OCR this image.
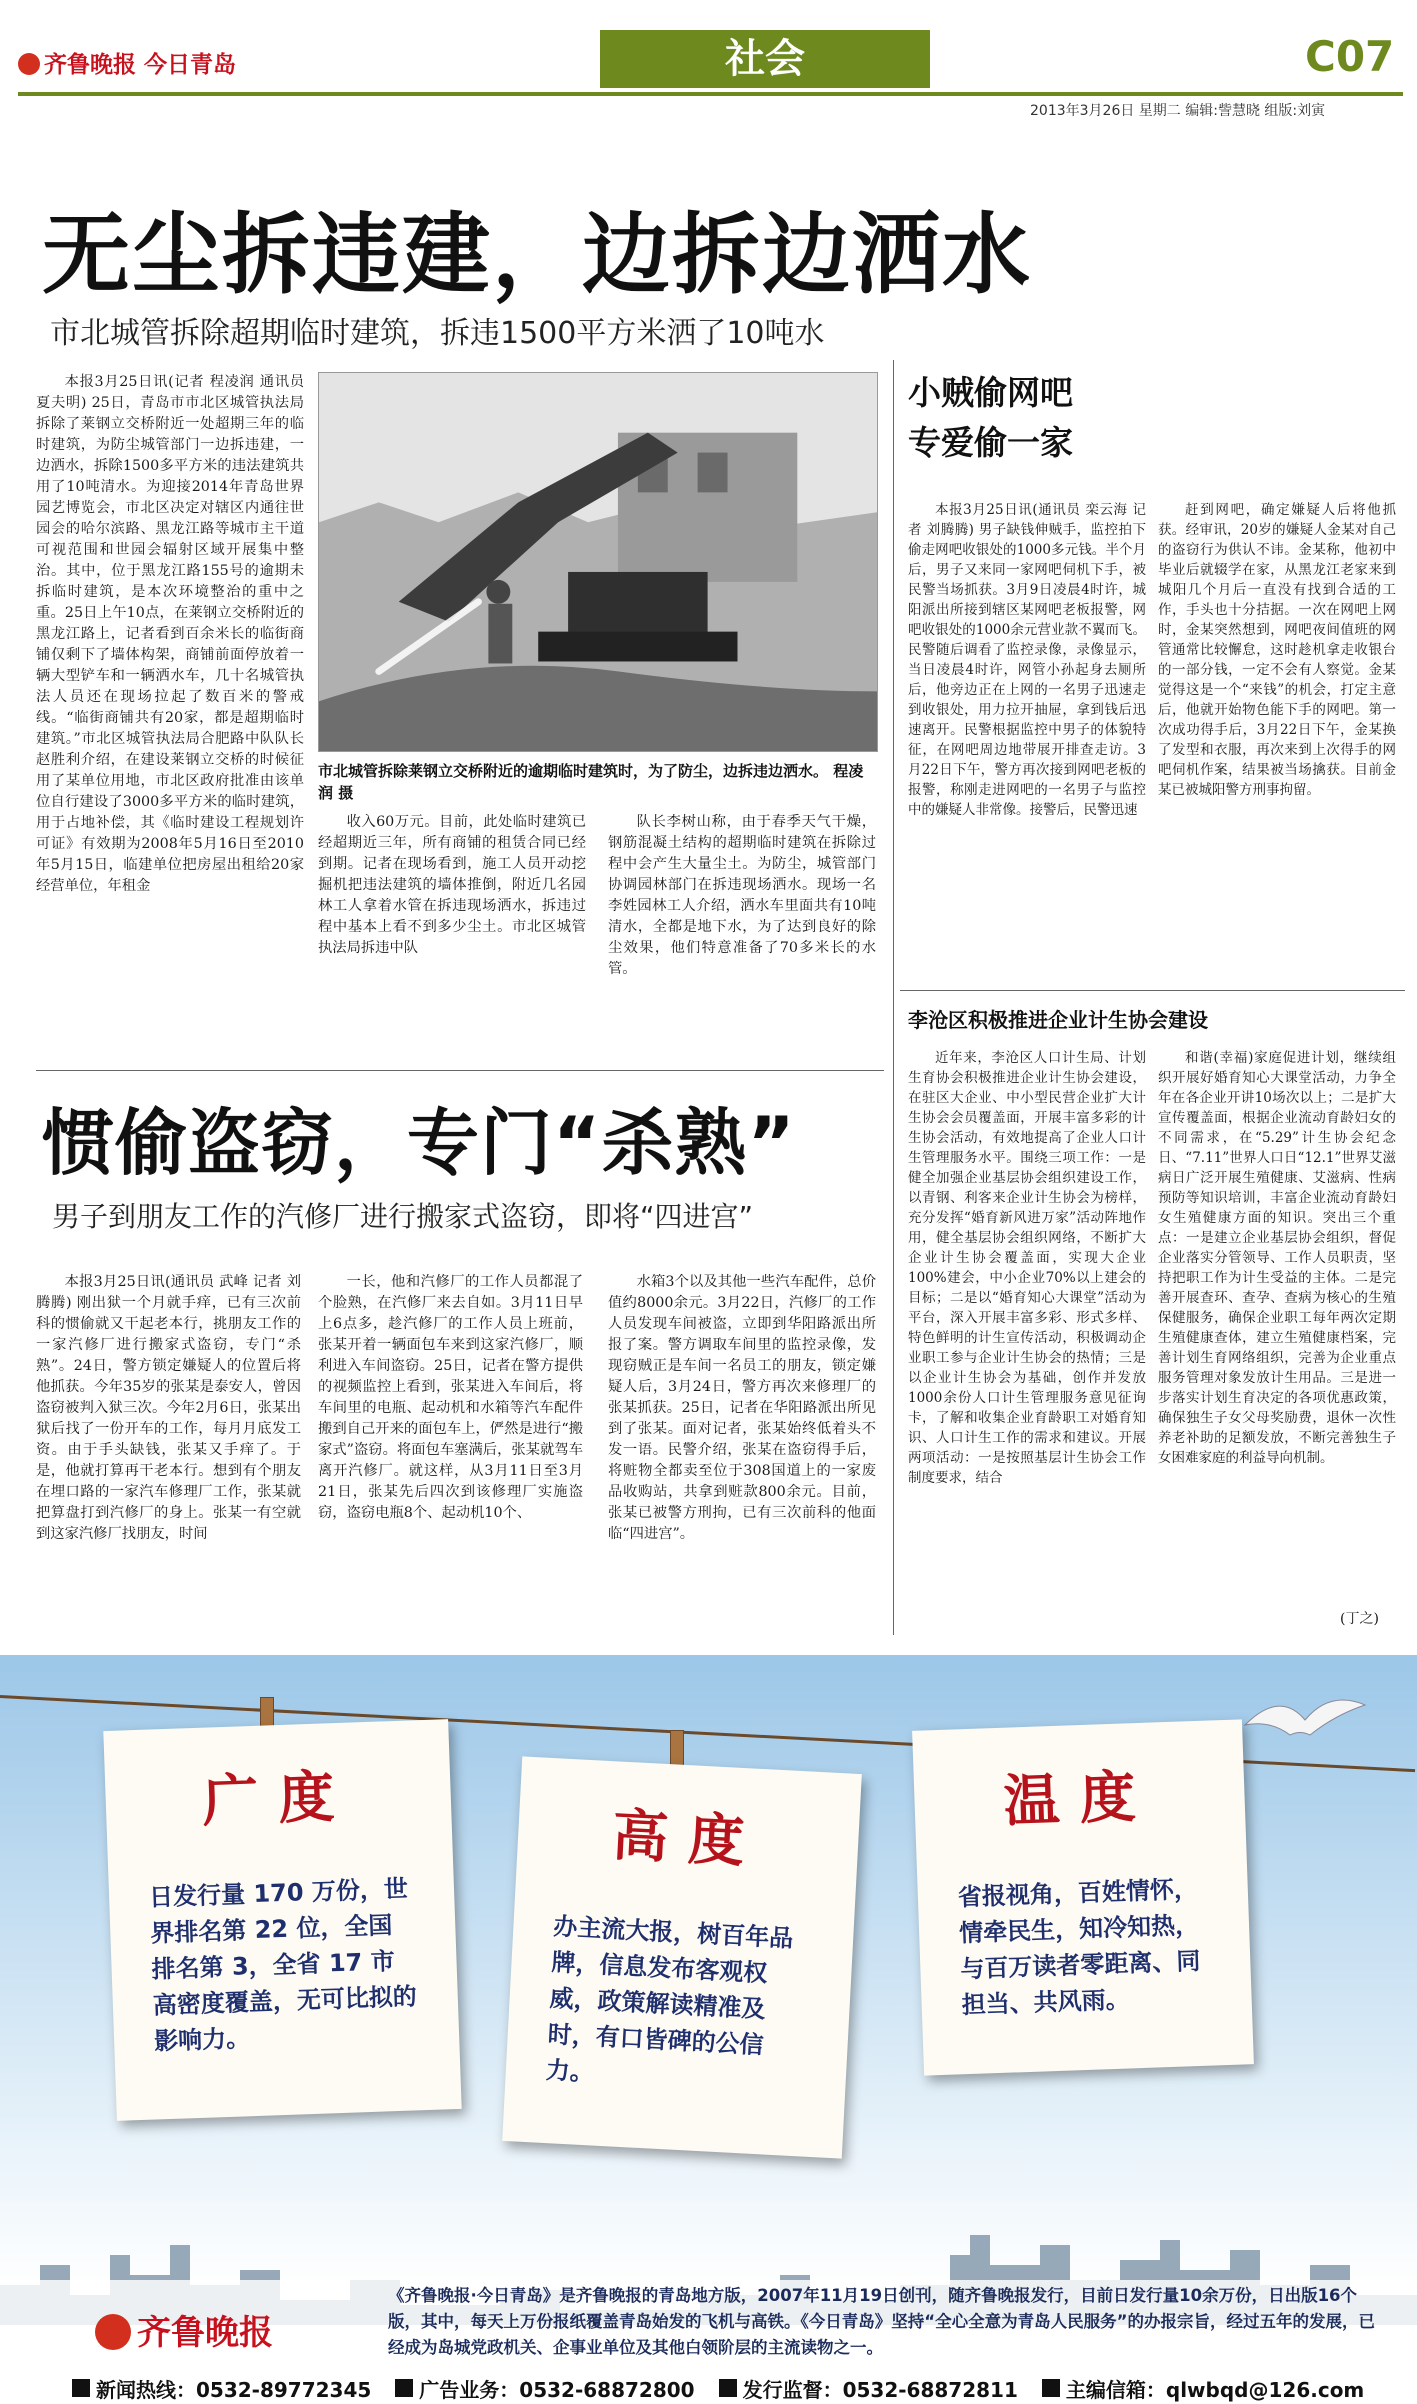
齐鲁晚报 今日青岛	社会	C07
2013年3月26日 星期二 编辑:訾慧晓 组版:刘寅
无尘拆违建，边拆边洒水
市北城管拆除超期临时建筑，拆违1500平方米洒了10吨水

本报3月25日讯(记者 程凌润 通讯员 夏夫明) 25日，青岛市市北区城管执法局拆除了莱钢立交桥附近一处超期三年的临时建筑，为防尘城管部门一边拆违建，一边洒水，拆除1500多平方米的违法建筑共用了10吨清水。为迎接2014年青岛世界园艺博览会，市北区决定对辖区内通往世园会的哈尔滨路、黑龙江路等城市主干道可视范围和世园会辐射区域开展集中整治。其中，位于黑龙江路155号的逾期未拆临时建筑，是本次环境整治的重中之重。25日上午10点，在莱钢立交桥附近的黑龙江路上，记者看到百余米长的临街商铺仅剩下了墙体构架，商铺前面停放着一辆大型铲车和一辆洒水车，几十名城管执法人员还在现场拉起了数百米的警戒线。“临街商铺共有20家，都是超期临时建筑。”市北区城管执法局合肥路中队队长赵胜利介绍，在建设莱钢立交桥的时候征用了某单位用地，市北区政府批准由该单位自行建设了3000多平方米的临时建筑，用于占地补偿，其《临时建设工程规划许可证》有效期为2008年5月16日至2010年5月15日，临建单位把房屋出租给20家经营单位，年租金

市北城管拆除莱钢立交桥附近的逾期临时建筑时，为了防尘，边拆违边洒水。 程凌润 摄

收入60万元。目前，此处临时建筑已经超期近三年，所有商铺的租赁合同已经到期。记者在现场看到，施工人员开动挖掘机把违法建筑的墙体推倒，附近几名园林工人拿着水管在拆违现场洒水，拆违过程中基本上看不到多少尘土。市北区城管执法局拆违中队

队长李树山称，由于春季天气干燥，钢筋混凝土结构的超期临时建筑在拆除过程中会产生大量尘土。为防尘，城管部门协调园林部门在拆违现场洒水。现场一名李姓园林工人介绍，洒水车里面共有10吨清水，全都是地下水，为了达到良好的除尘效果，他们特意准备了70多米长的水管。

小贼偷网吧
专爱偷一家

本报3月25日讯(通讯员 栾云海 记者 刘腾腾) 男子缺钱伸贼手，监控拍下偷走网吧收银处的1000多元钱。半个月后，男子又来同一家网吧伺机下手，被民警当场抓获。3月9日凌晨4时许，城阳派出所接到辖区某网吧老板报警，网吧收银处的1000余元营业款不翼而飞。民警随后调看了监控录像，录像显示，当日凌晨4时许，网管小孙起身去厕所后，他旁边正在上网的一名男子迅速走到收银处，用力拉开抽屉，拿到钱后迅速离开。民警根据监控中男子的体貌特征，在网吧周边地带展开排查走访。3月22日下午，警方再次接到网吧老板的报警，称刚走进网吧的一名男子与监控中的嫌疑人非常像。接警后，民警迅速

赶到网吧，确定嫌疑人后将他抓获。经审讯，20岁的嫌疑人金某对自己的盗窃行为供认不讳。金某称，他初中毕业后就辍学在家，从黑龙江老家来到城阳几个月后一直没有找到合适的工作，手头也十分拮据。一次在网吧上网时，金某突然想到，网吧夜间值班的网管通常比较懈怠，这时趁机拿走收银台的一部分钱，一定不会有人察觉。金某觉得这是一个“来钱”的机会，打定主意后，他就开始物色能下手的网吧。第一次成功得手后，3月22日下午，金某换了发型和衣服，再次来到上次得手的网吧伺机作案，结果被当场擒获。目前金某已被城阳警方刑事拘留。

李沧区积极推进企业计生协会建设

近年来，李沧区人口计生局、计划生育协会积极推进企业计生协会建设，在驻区大企业、中小型民营企业扩大计生协会会员覆盖面，开展丰富多彩的计生协会活动，有效地提高了企业人口计生管理服务水平。围绕三项工作：一是健全加强企业基层协会组织建设工作，以青钢、利客来企业计生协会为榜样，充分发挥“婚育新风进万家”活动阵地作用，健全基层协会组织网络，不断扩大企业计生协会覆盖面，实现大企业100%建会，中小企业70%以上建会的目标；二是以“婚育知心大课堂”活动为平台，深入开展丰富多彩、形式多样、特色鲜明的计生宣传活动，积极调动企业职工参与企业计生协会的热情；三是以企业计生协会为基础，创作并发放1000余份人口计生管理服务意见征询卡，了解和收集企业育龄职工对婚育知识、人口计生工作的需求和建议。开展两项活动：一是按照基层计生协会工作制度要求，结合

和谐(幸福)家庭促进计划，继续组织开展好婚育知心大课堂活动，力争全年在各企业开讲10场次以上；二是扩大宣传覆盖面，根据企业流动育龄妇女的不同需求，在“5.29”计生协会纪念日、“7.11”世界人口日“12.1”世界艾滋病日广泛开展生殖健康、艾滋病、性病预防等知识培训，丰富企业流动育龄妇女生殖健康方面的知识。突出三个重点：一是建立企业基层协会组织，督促企业落实分管领导、工作人员职责，坚持把职工作为计生受益的主体。二是完善开展查环、查孕、查病为核心的生殖保健服务，确保企业职工每年两次定期生殖健康查体，建立生殖健康档案，完善计划生育网络组织，完善为企业重点服务管理对象发放计生用品。三是进一步落实计划生育决定的各项优惠政策，确保独生子女父母奖励费，退休一次性养老补助的足额发放，不断完善独生子女困难家庭的利益导向机制。

(丁之)
惯偷盗窃，专门“杀熟”
男子到朋友工作的汽修厂进行搬家式盗窃，即将“四进宫”

本报3月25日讯(通讯员 武峰 记者 刘腾腾) 刚出狱一个月就手痒，已有三次前科的惯偷就又干起老本行，挑朋友工作的一家汽修厂进行搬家式盗窃，专门“杀熟”。24日，警方锁定嫌疑人的位置后将他抓获。今年35岁的张某是泰安人，曾因盗窃被判入狱三次。今年2月6日，张某出狱后找了一份开车的工作，每月月底发工资。由于手头缺钱，张某又手痒了。于是，他就打算再干老本行。想到有个朋友在埋口路的一家汽车修理厂工作，张某就把算盘打到汽修厂的身上。张某一有空就到这家汽修厂找朋友，时间

一长，他和汽修厂的工作人员都混了个脸熟，在汽修厂来去自如。3月11日早上6点多，趁汽修厂的工作人员上班前，张某开着一辆面包车来到这家汽修厂，顺利进入车间盗窃。25日，记者在警方提供的视频监控上看到，张某进入车间后，将车间里的电瓶、起动机和水箱等汽车配件搬到自己开来的面包车上，俨然是进行“搬家式”盗窃。将面包车塞满后，张某就驾车离开汽修厂。就这样，从3月11日至3月21日，张某先后四次到该修理厂实施盗窃，盗窃电瓶8个、起动机10个、

水箱3个以及其他一些汽车配件，总价值约8000余元。3月22日，汽修厂的工作人员发现车间被盗，立即到华阳路派出所报了案。警方调取车间里的监控录像，发现窃贼正是车间一名员工的朋友，锁定嫌疑人后，3月24日，警方再次来修理厂的张某抓获。25日，记者在华阳路派出所见到了张某。面对记者，张某始终低着头不发一语。民警介绍，张某在盗窃得手后，将赃物全都卖至位于308国道上的一家废品收购站，共拿到赃款800余元。目前，张某已被警方刑拘，已有三次前科的他面临“四进宫”。

广度
日发行量 170 万份，世界排名第 22 位，全国排名第 3，全省 17 市高密度覆盖，无可比拟的影响力。
高度
办主流大报，树百年品牌，信息发布客观权威，政策解读精准及时，有口皆碑的公信力。
温度
省报视角，百姓情怀，情牵民生，知冷知热，与百万读者零距离、同担当、共风雨。
齐鲁晚报
《齐鲁晚报·今日青岛》是齐鲁晚报的青岛地方版，2007年11月19日创刊，随齐鲁晚报发行，目前日发行量10余万份，日出版16个版，其中，每天上万份报纸覆盖青岛始发的飞机与高铁。《今日青岛》坚持“全心全意为青岛人民服务”的办报宗旨，经过五年的发展，已经成为岛城党政机关、企事业单位及其他白领阶层的主流读物之一。
新闻热线：0532-89772345 广告业务：0532-68872800 发行监督：0532-68872811 主编信箱：qlwbqd@126.com
